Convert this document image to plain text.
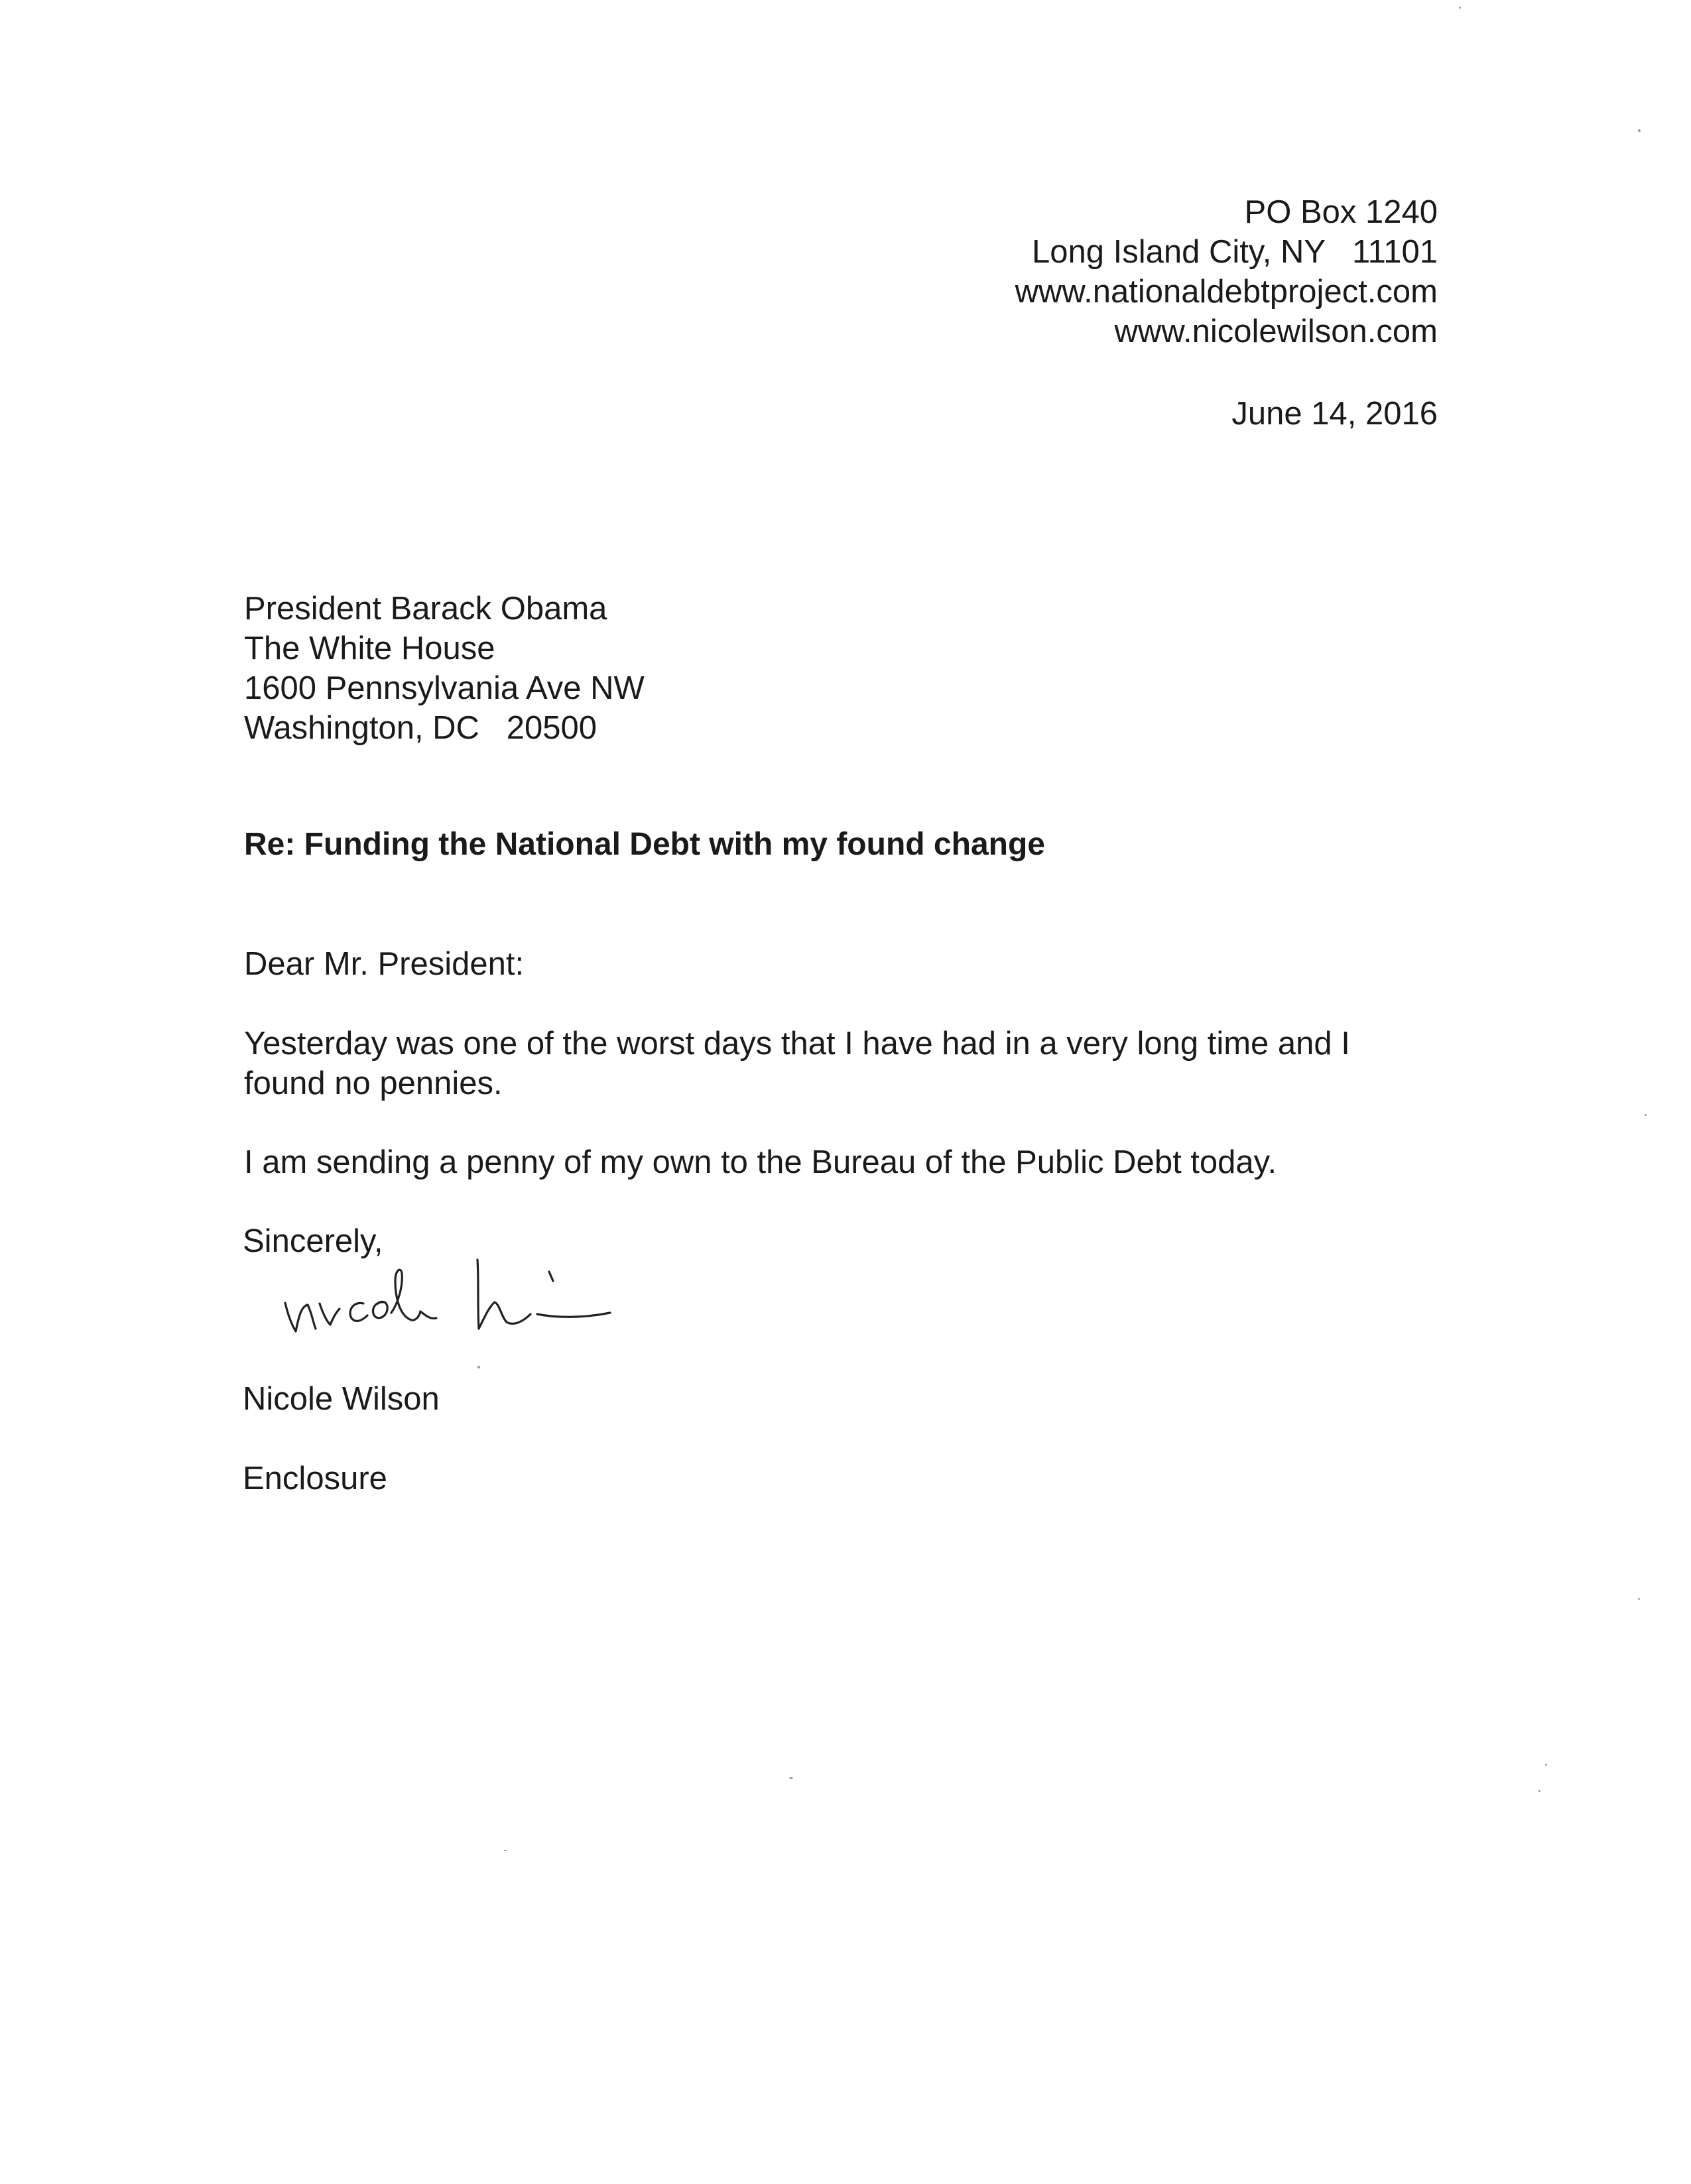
PO Box 1240
Long Island City, NY   11101
www.nationaldebtproject.com
www.nicolewilson.com
June 14, 2016
President Barack Obama
The White House
1600 Pennsylvania Ave NW
Washington, DC   20500
Re: Funding the National Debt with my found change
Dear Mr. President:
Yesterday was one of the worst days that I have had in a very long time and I found no pennies.
I am sending a penny of my own to the Bureau of the Public Debt today.
Sincerely,
Nicole Wilson
Enclosure
